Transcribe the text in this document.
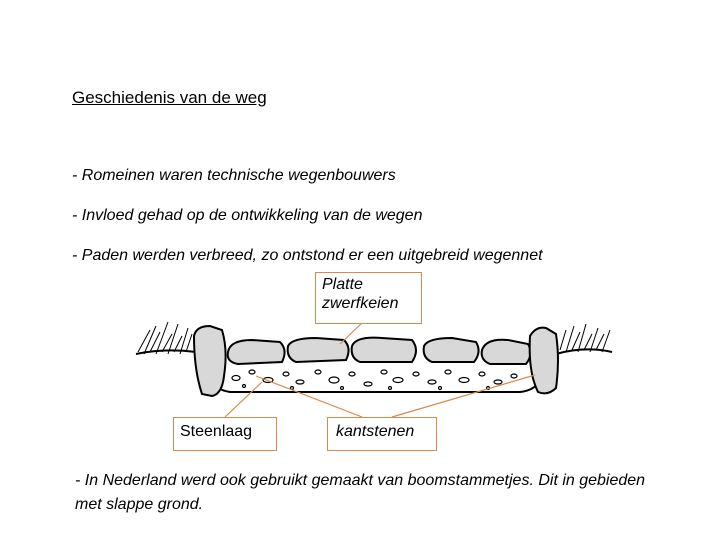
Geschiedenis van de weg
- Romeinen waren technische wegenbouwers
- Invloed gehad op de ontwikkeling van de wegen
- Paden werden verbreed, zo ontstond er een uitgebreid wegennet
Platte
zwerfkeien
Steenlaag	kantstenen
- In Nederland werd ook gebruikt gemaakt van boomstammetjes. Dit in gebieden met slappe grond.
